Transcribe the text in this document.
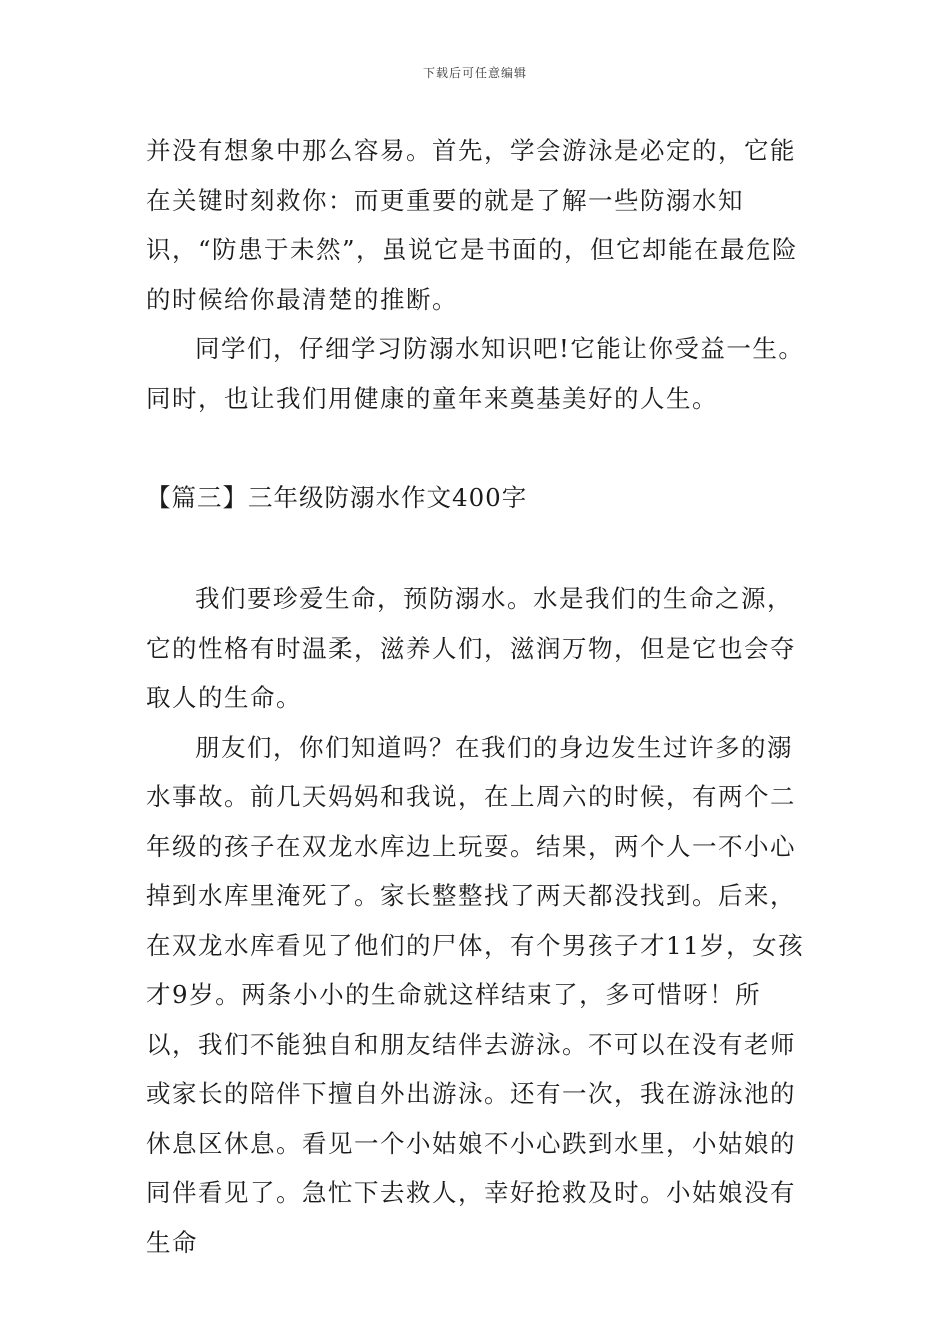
下载后可任意编辑

并没有想象中那么容易。首先，学会游泳是必定的，它能在关键时刻救你：而更重要的就是了解一些防溺水知识，“防患于未然”，虽说它是书面的，但它却能在最危险的时候给你最清楚的推断。

同学们，仔细学习防溺水知识吧!它能让你受益一生。同时，也让我们用健康的童年来奠基美好的人生。

【篇三】三年级防溺水作文400字

我们要珍爱生命，预防溺水。水是我们的生命之源，它的性格有时温柔，滋养人们，滋润万物，但是它也会夺取人的生命。

朋友们，你们知道吗？在我们的身边发生过许多的溺水事故。前几天妈妈和我说，在上周六的时候，有两个二年级的孩子在双龙水库边上玩耍。结果，两个人一不小心掉到水库里淹死了。家长整整找了两天都没找到。后来，在双龙水库看见了他们的尸体，有个男孩子才11岁，女孩才9岁。两条小小的生命就这样结束了，多可惜呀！所以，我们不能独自和朋友结伴去游泳。不可以在没有老师或家长的陪伴下擅自外出游泳。还有一次，我在游泳池的休息区休息。看见一个小姑娘不小心跌到水里，小姑娘的同伴看见了。急忙下去救人，幸好抢救及时。小姑娘没有生命
